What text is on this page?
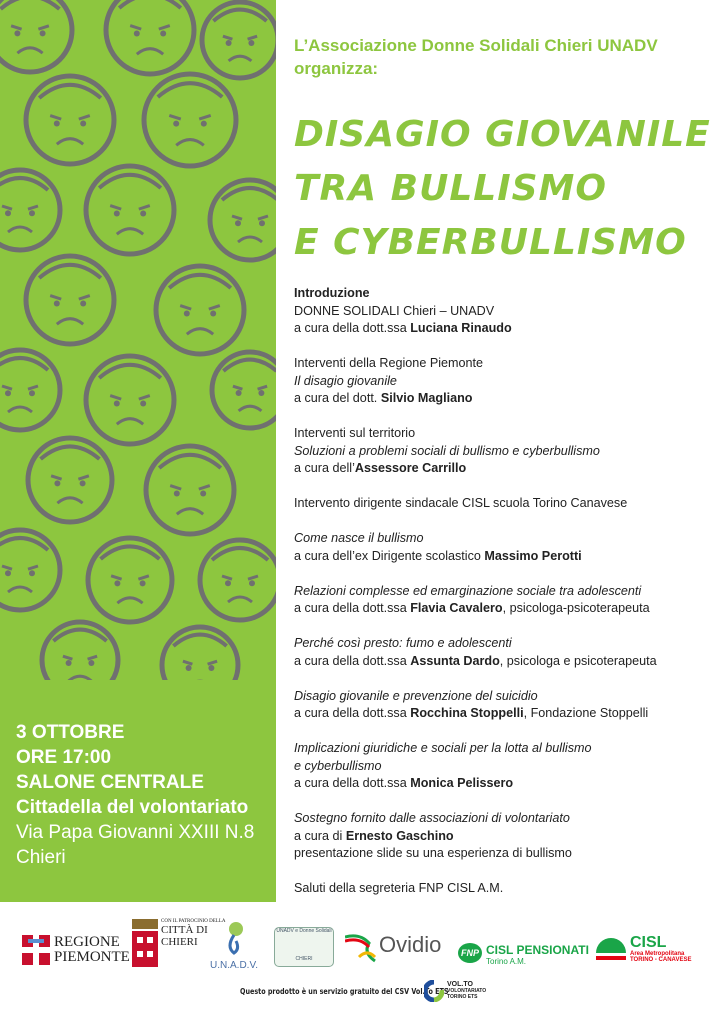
3 OTTOBRE
ORE 17:00
SALONE CENTRALE
Cittadella del volontariato
Via Papa Giovanni XXIII N.8
Chieri
L’Associazione Donne Solidali Chieri UNADV
organizza:
DISAGIO GIOVANILE
TRA BULLISMO
E CYBERBULLISMO
Introduzione
DONNE SOLIDALI Chieri – UNADV
a cura della dott.ssa Luciana Rinaudo
Interventi della Regione Piemonte
Il disagio giovanile
a cura del dott. Silvio Magliano
Interventi sul territorio
Soluzioni a problemi sociali di bullismo e cyberbullismo
a cura dell’Assessore Carrillo
Intervento dirigente sindacale CISL scuola Torino Canavese
Come nasce il bullismo
a cura dell’ex Dirigente scolastico Massimo Perotti
Relazioni complesse ed emarginazione sociale tra adolescenti
a cura della dott.ssa Flavia Cavalero, psicologa-psicoterapeuta
Perché così presto: fumo e adolescenti
a cura della dott.ssa Assunta Dardo, psicologa e psicoterapeuta
Disagio giovanile e prevenzione del suicidio
a cura della dott.ssa Rocchina Stoppelli, Fondazione Stoppelli
Implicazioni giuridiche e sociali per la lotta al bullismo
e cyberbullismo
a cura della dott.ssa Monica Pelissero
Sostegno fornito dalle associazioni di volontariato
a cura di Ernesto Gaschino
presentazione slide su una esperienza di bullismo
Saluti della segreteria FNP CISL A.M.
REGIONE
PIEMONTE
CON IL PATROCINIO DELLA
CITTÀ DI
CHIERI
U.N.A.D.V.
UNADV e Donne Solidali
CHIERI
Ovidio	FNP CISL PENSIONATI
Torino A.M.
CISL
Area Metropolitana
TORINO - CANAVESE
Questo prodotto è un servizio gratuito del CSV Vol.To ETS
VOL.TO
VOLONTARIATO
TORINO ETS
